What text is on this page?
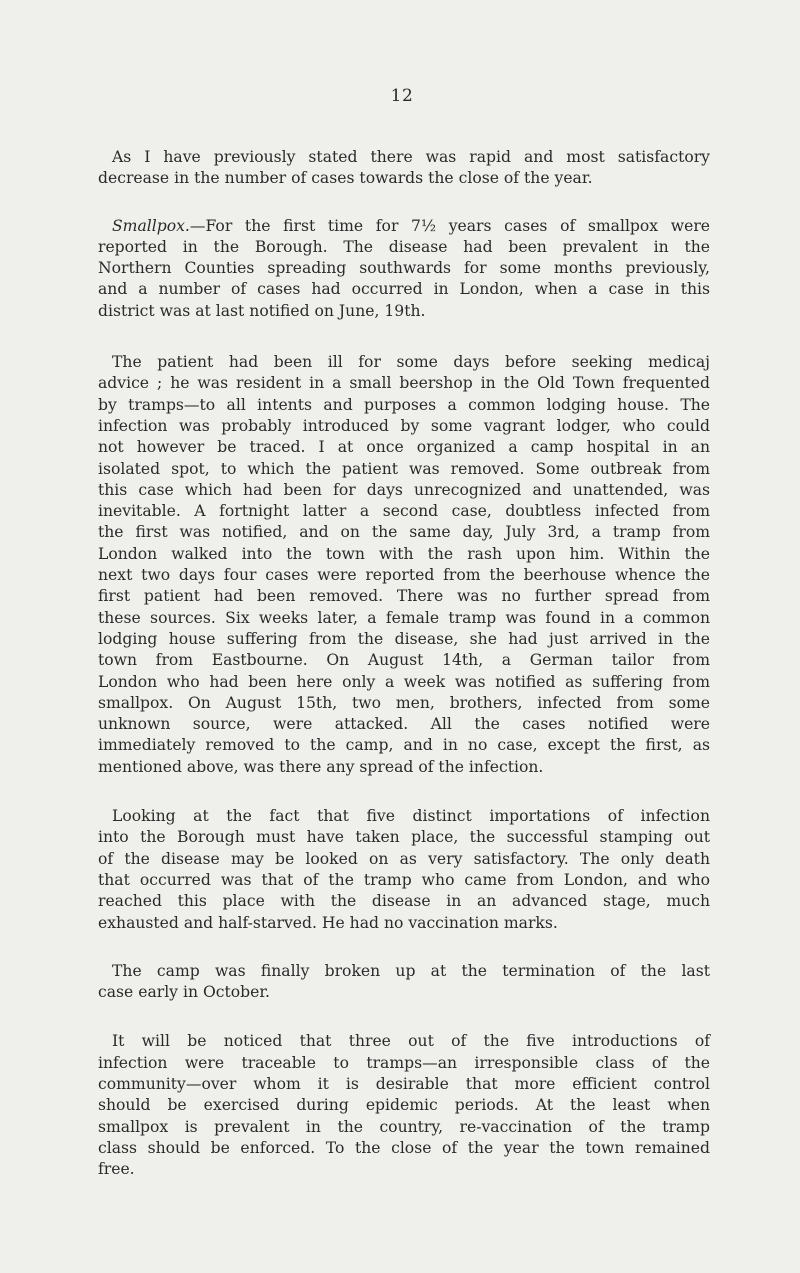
12
As I have previously stated there was rapid and most satisfactory
decrease in the number of cases towards the close of the year.
Smallpox.—For the first time for 7½ years cases of smallpox were
reported in the Borough. The disease had been prevalent in the
Northern Counties spreading southwards for some months previously,
and a number of cases had occurred in London, when a case in this
district was at last notified on June, 19th.
The patient had been ill for some days before seeking medicaj
advice ; he was resident in a small beershop in the Old Town frequented
by tramps—to all intents and purposes a common lodging house. The
infection was probably introduced by some vagrant lodger, who could
not however be traced. I at once organized a camp hospital in an
isolated spot, to which the patient was removed. Some outbreak from
this case which had been for days unrecognized and unattended, was
inevitable. A fortnight latter a second case, doubtless infected from
the first was notified, and on the same day, July 3rd, a tramp from
London walked into the town with the rash upon him. Within the
next two days four cases were reported from the beerhouse whence the
first patient had been removed. There was no further spread from
these sources. Six weeks later, a female tramp was found in a common
lodging house suffering from the disease, she had just arrived in the
town from Eastbourne. On August 14th, a German tailor from
London who had been here only a week was notified as suffering from
smallpox. On August 15th, two men, brothers, infected from some
unknown source, were attacked. All the cases notified were
immediately removed to the camp, and in no case, except the first, as
mentioned above, was there any spread of the infection.
Looking at the fact that five distinct importations of infection
into the Borough must have taken place, the successful stamping out
of the disease may be looked on as very satisfactory. The only death
that occurred was that of the tramp who came from London, and who
reached this place with the disease in an advanced stage, much
exhausted and half-starved. He had no vaccination marks.
The camp was finally broken up at the termination of the last
case early in October.
It will be noticed that three out of the five introductions of
infection were traceable to tramps—an irresponsible class of the
community—over whom it is desirable that more efficient control
should be exercised during epidemic periods. At the least when
smallpox is prevalent in the country, re-vaccination of the tramp
class should be enforced. To the close of the year the town remained
free.
